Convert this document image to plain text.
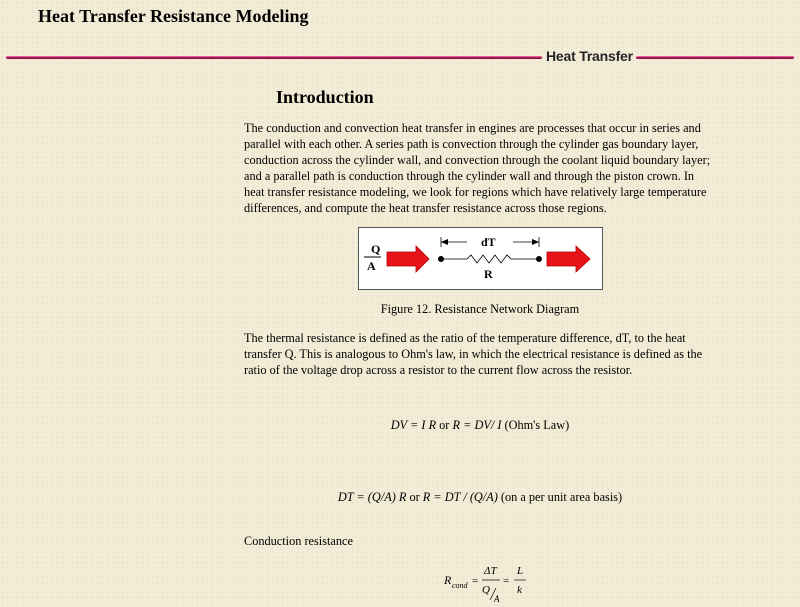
Heat Transfer Resistance Modeling
Heat Transfer
Introduction

The conduction and convection heat transfer in engines are processes that occur in series and parallel with each other. A series path is convection through the cylinder gas boundary layer, conduction across the cylinder wall, and convection through the coolant liquid boundary layer; and a parallel path is conduction through the cylinder wall and through the piston crown. In heat transfer resistance modeling, we look for regions which have relatively large temperature differences, and compute the heat transfer resistance across those regions.

Q
A
dT
R
Figure 12. Resistance Network Diagram

The thermal resistance is defined as the ratio of the temperature difference, dT, to the heat transfer Q. This is analogous to Ohm's law, in which the electrical resistance is defined as the ratio of the voltage drop across a resistor to the current flow across the resistor.

DV = I R or R = DV/ I (Ohm's Law)
DT = (Q/A) R or R = DT / (Q/A) (on a per unit area basis)
Conduction resistance
R cond =
ΔT
Q
A
=
L
k
